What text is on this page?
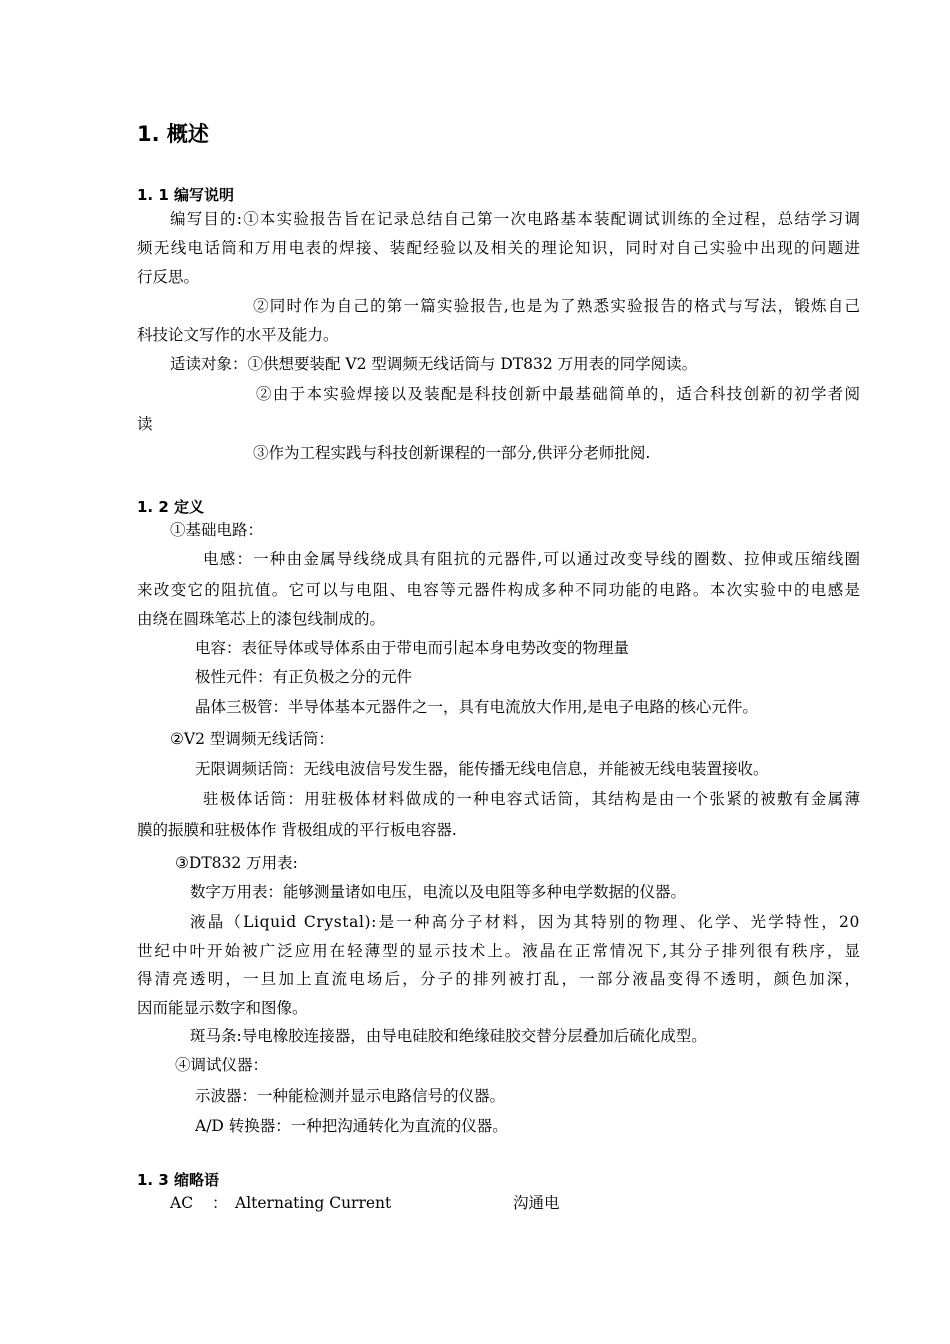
1. 概述
1. 1 编写说明
编写目的:①本实验报告旨在记录总结自己第一次电路基本装配调试训练的全过程，总结学习调
频无线电话筒和万用电表的焊接、装配经验以及相关的理论知识，同时对自己实验中出现的问题进
行反思。
②同时作为自己的第一篇实验报告,也是为了熟悉实验报告的格式与写法，锻炼自己
科技论文写作的水平及能力。
适读对象：①供想要装配 V2 型调频无线话筒与 DT832 万用表的同学阅读。
②由于本实验焊接以及装配是科技创新中最基础简单的，适合科技创新的初学者阅
读
③作为工程实践与科技创新课程的一部分,供评分老师批阅.
1. 2 定义
①基础电路：
电感：一种由金属导线绕成具有阻抗的元器件,可以通过改变导线的圈数、拉伸或压缩线圈
来改变它的阻抗值。它可以与电阻、电容等元器件构成多种不同功能的电路。本次实验中的电感是
由绕在圆珠笔芯上的漆包线制成的。
电容：表征导体或导体系由于带电而引起本身电势改变的物理量
极性元件：有正负极之分的元件
晶体三极管：半导体基本元器件之一，具有电流放大作用,是电子电路的核心元件。
②V2 型调频无线话筒：
无限调频话筒：无线电波信号发生器，能传播无线电信息，并能被无线电装置接收。
驻极体话筒：用驻极体材料做成的一种电容式话筒，其结构是由一个张紧的被敷有金属薄
膜的振膜和驻极体作 背极组成的平行板电容器.
③DT832 万用表:
数字万用表：能够测量诸如电压，电流以及电阻等多种电学数据的仪器。
液晶（Liquid Crystal):是一种高分子材料，因为其特别的物理、化学、光学特性，20
世纪中叶开始被广泛应用在轻薄型的显示技术上。液晶在正常情况下,其分子排列很有秩序，显
得清亮透明，一旦加上直流电场后，分子的排列被打乱，一部分液晶变得不透明，颜色加深，
因而能显示数字和图像。
斑马条:导电橡胶连接器，由导电硅胶和绝缘硅胶交替分层叠加后硫化成型。
④调试仪器：
示波器：一种能检测并显示电路信号的仪器。
A/D 转换器：一种把沟通转化为直流的仪器。
1. 3 缩略语
AC ： Alternating Current	沟通电
